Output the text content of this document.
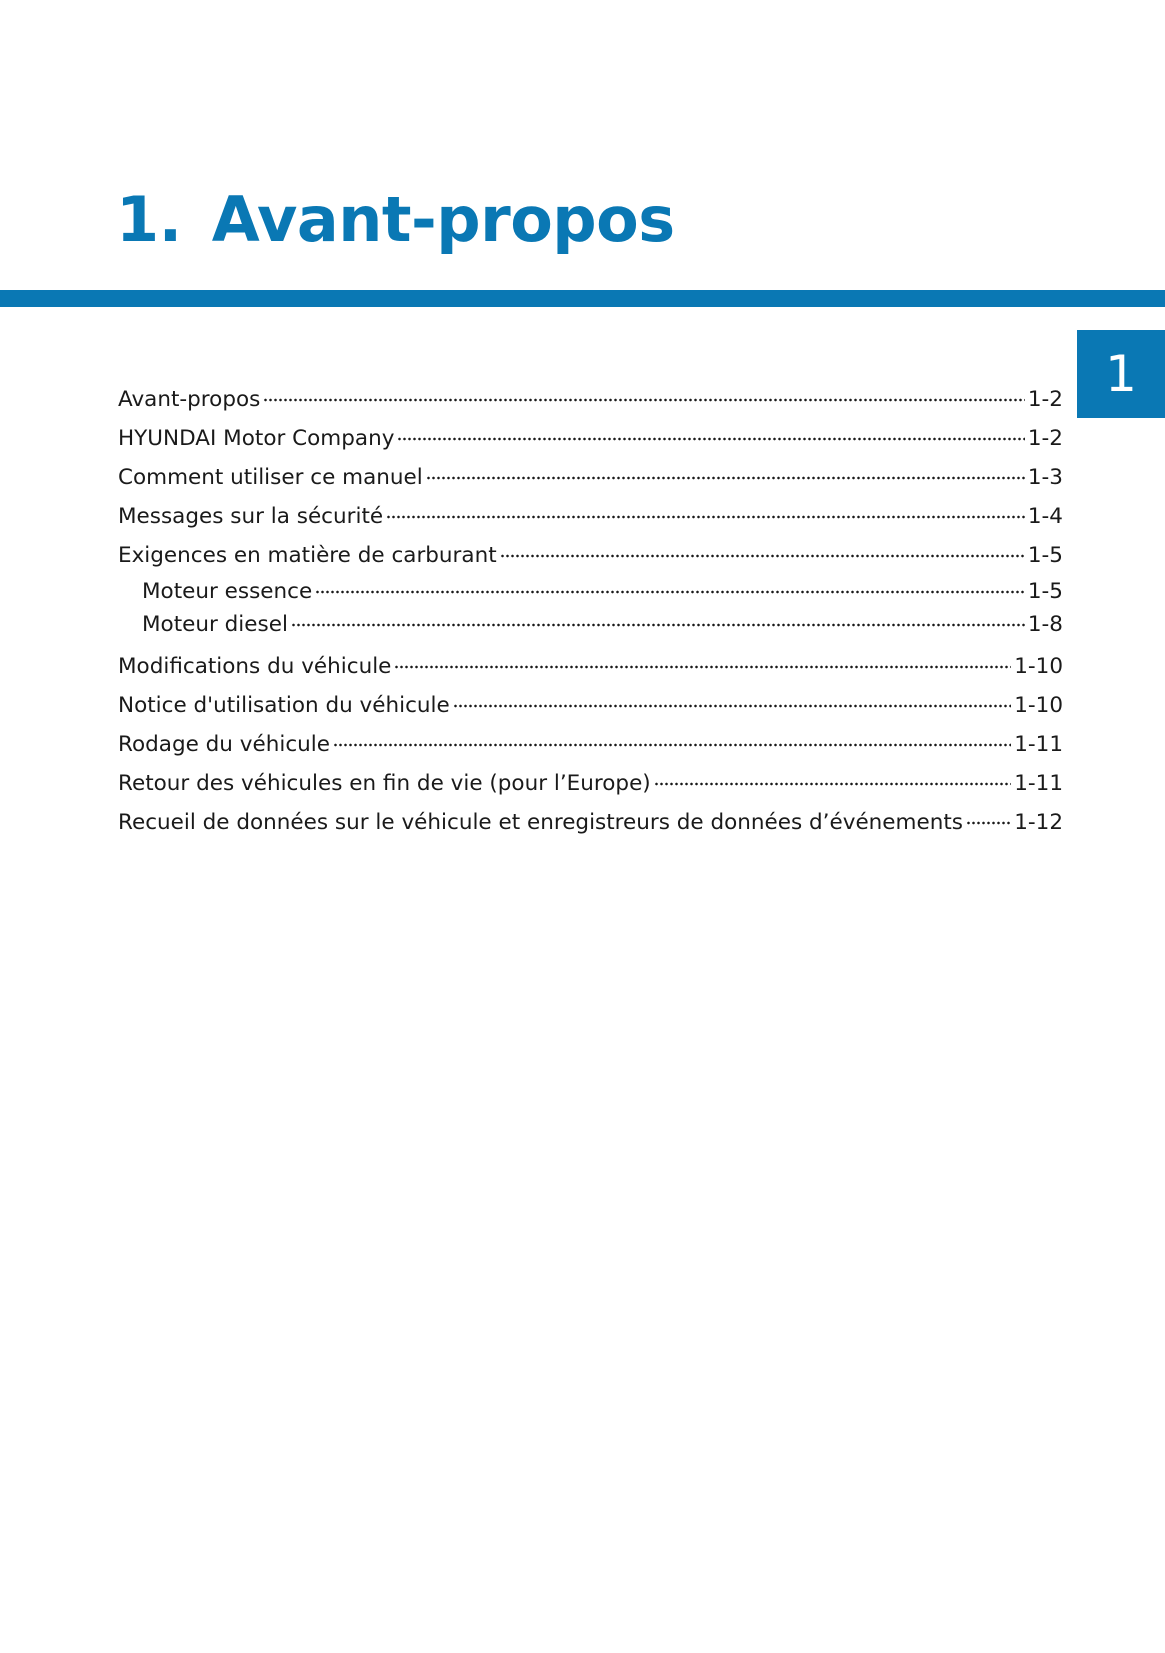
1. Avant-propos
1
Avant-propos	1-2
HYUNDAI Motor Company	1-2
Comment utiliser ce manuel	1-3
Messages sur la sécurité	1-4
Exigences en matière de carburant	1-5
Moteur essence	1-5
Moteur diesel	1-8
Modifications du véhicule	1-10
Notice d'utilisation du véhicule	1-10
Rodage du véhicule	1-11
Retour des véhicules en fin de vie (pour l’Europe)	1-11
Recueil de données sur le véhicule et enregistreurs de données d’événements 1-12
